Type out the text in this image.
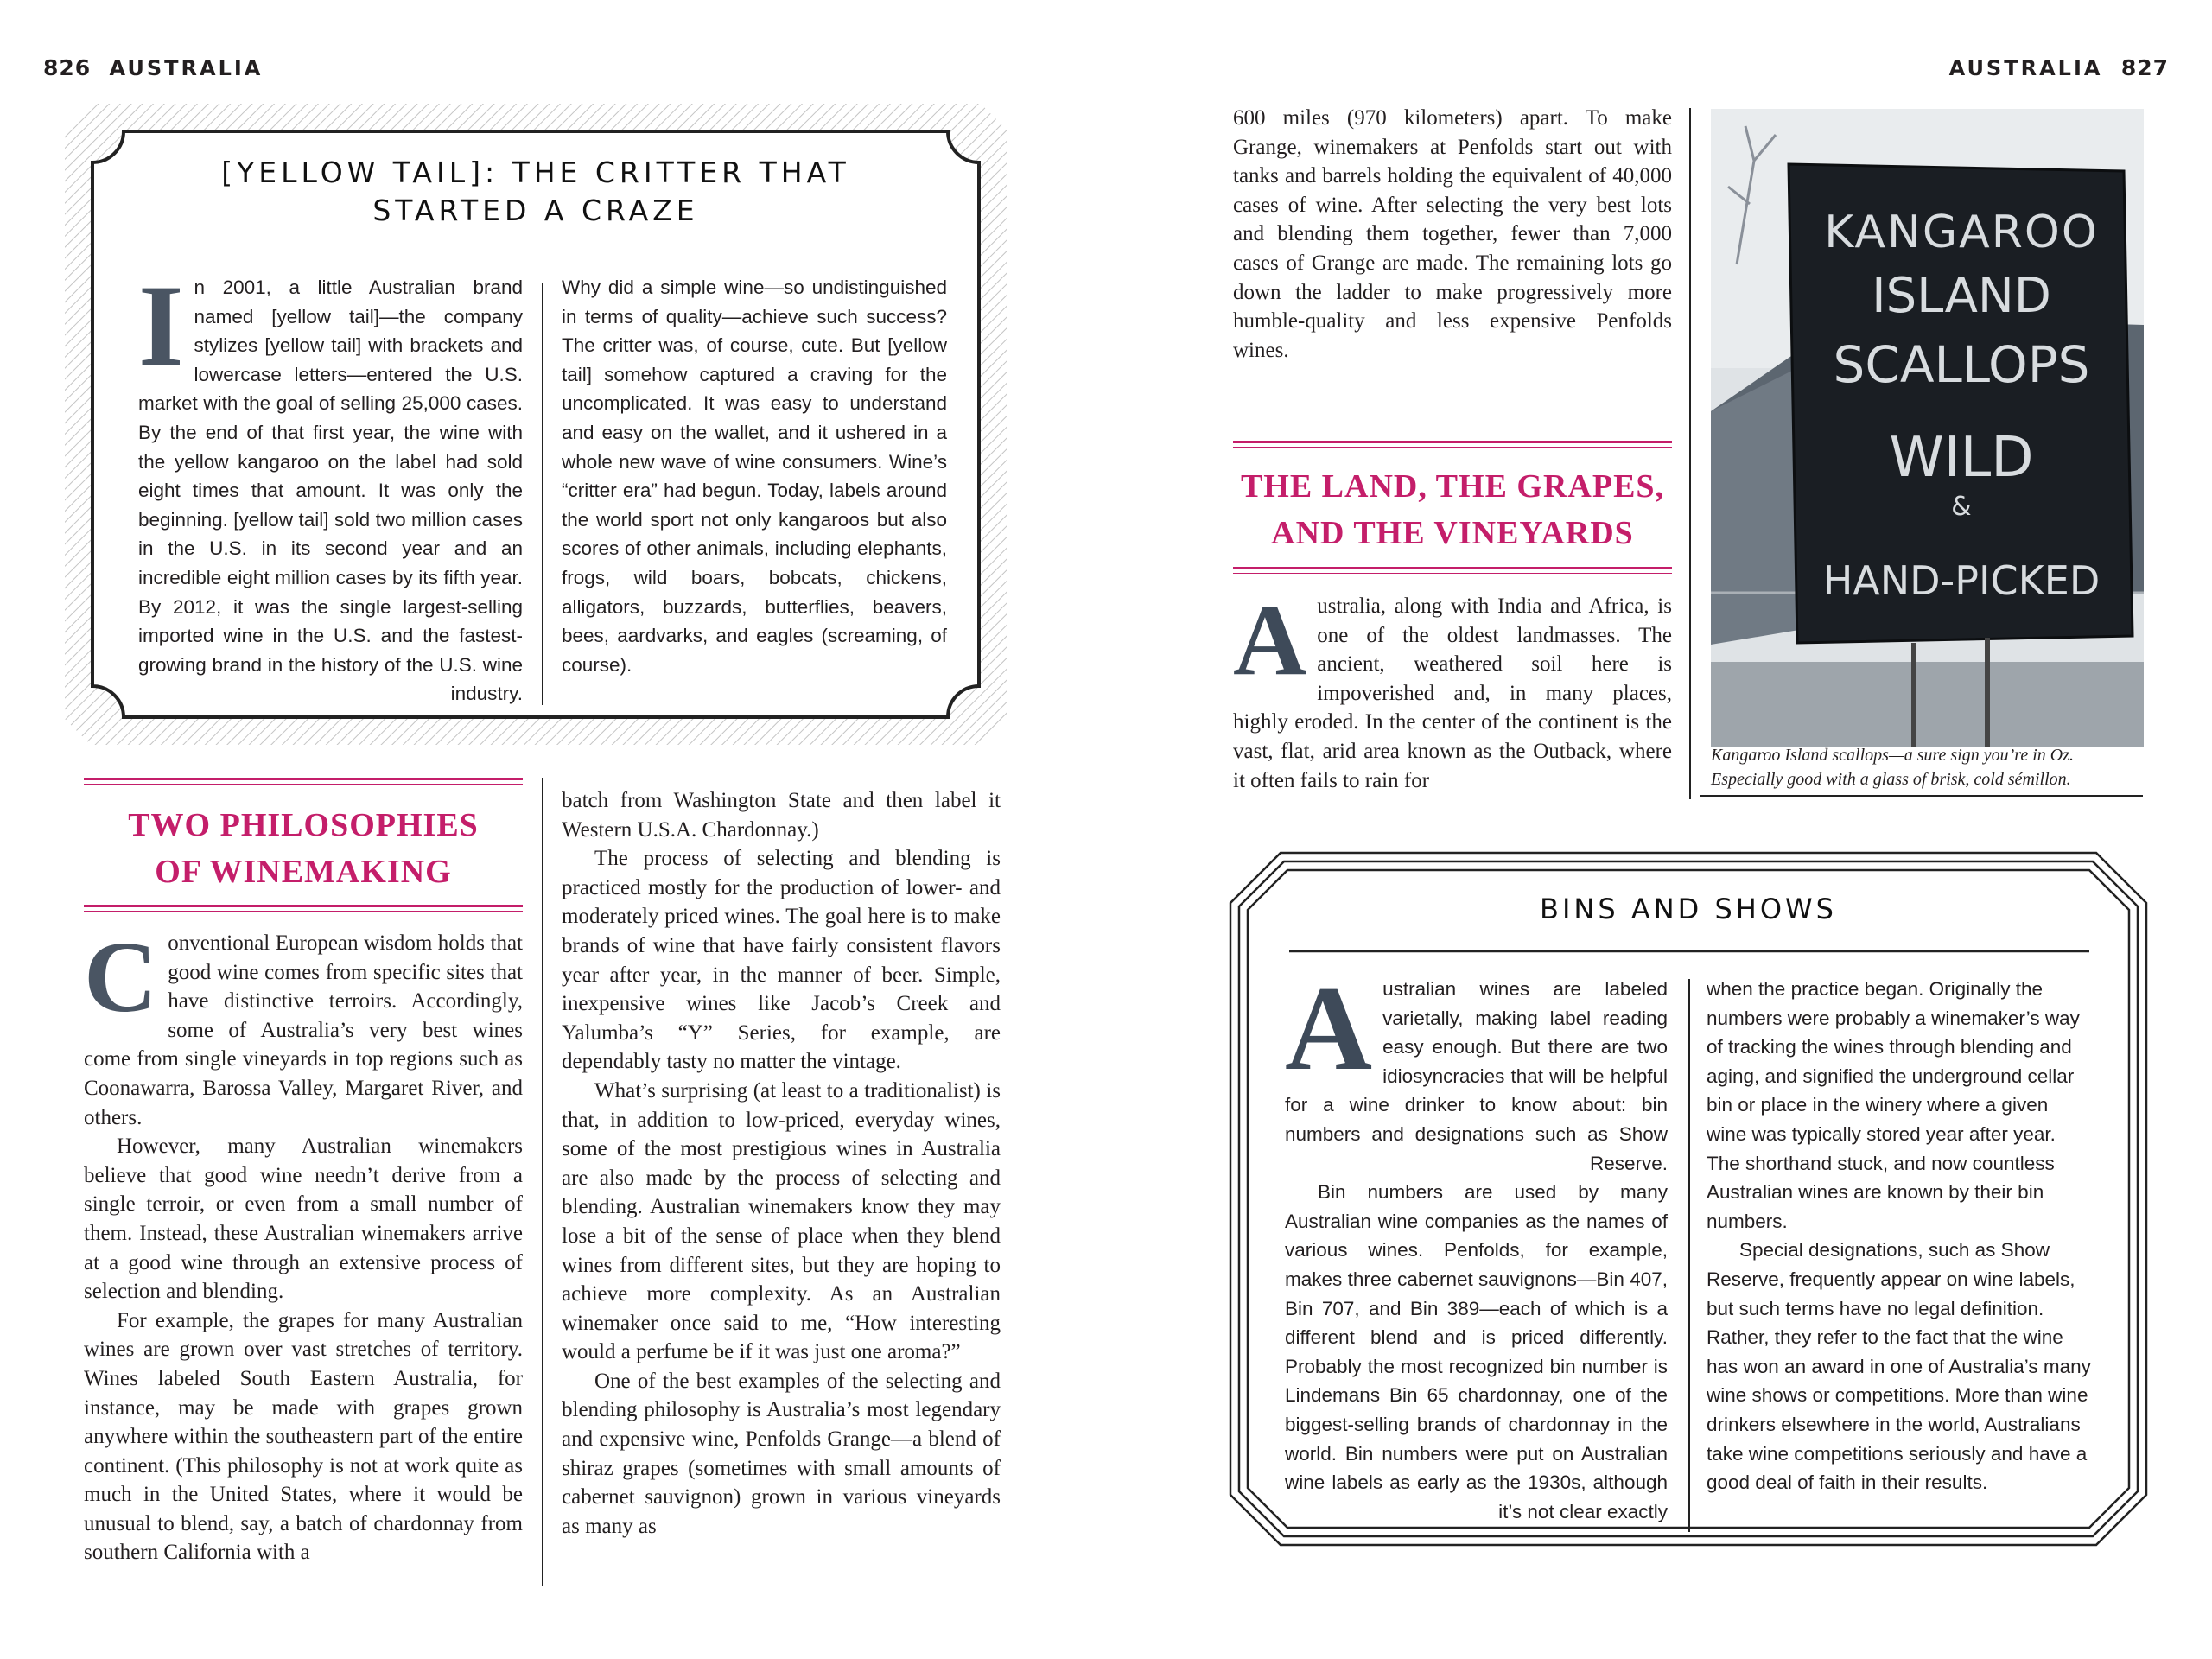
826 AUSTRALIA	AUSTRALIA 827
[YELLOW TAIL]: THE CRITTER THAT
STARTED A CRAZE
I n 2001, a little Australian brand named [yellow tail]—the company stylizes [yellow tail] with brackets and lowercase letters—entered the U.S. market with the goal of selling 25,000 cases. By the end of that first year, the wine with the yellow kangaroo on the label had sold eight times that amount. It was only the beginning. [yellow tail] sold two million cases in the U.S. in its second year and an incredible eight million cases by its fifth year. By 2012, it was the single largest-selling imported wine in the U.S. and the fastest-growing brand in the history of the U.S. wine industry.

Why did a simple wine—so undistinguished in terms of quality—achieve such success? The critter was, of course, cute. But [yellow tail] somehow captured a craving for the uncomplicated. It was easy to understand and easy on the wallet, and it ushered in a whole new wave of wine consumers. Wine’s “critter era” had begun. Today, labels around the world sport not only kangaroos but also scores of other animals, including elephants, frogs, wild boars, bobcats, chickens, alligators, buzzards, butterflies, beavers, bees, aardvarks, and eagles (screaming, of course).

TWO PHILOSOPHIES
OF WINEMAKING
C onventional European wisdom holds that good wine comes from specific sites that have distinctive terroirs. Accordingly, some of Australia’s very best wines come from single vineyards in top regions such as Coonawarra, Barossa Valley, Margaret River, and others.

However, many Australian winemakers believe that good wine needn’t derive from a single terroir, or even from a small number of them. Instead, these Australian winemakers arrive at a good wine through an extensive process of selection and blending.

For example, the grapes for many Australian wines are grown over vast stretches of territory. Wines labeled South Eastern Australia, for instance, may be made with grapes grown anywhere within the southeastern part of the entire continent. (This philosophy is not at work quite as much in the United States, where it would be unusual to blend, say, a batch of chardonnay from southern California with a

batch from Washington State and then label it Western U.S.A. Chardonnay.)

The process of selecting and blending is practiced mostly for the production of lower- and moderately priced wines. The goal here is to make brands of wine that have fairly consistent flavors year after year, in the manner of beer. Simple, inexpensive wines like Jacob’s Creek and Yalumba’s “Y” Series, for example, are dependably tasty no matter the vintage.

What’s surprising (at least to a traditionalist) is that, in addition to low-priced, everyday wines, some of the most prestigious wines in Australia are also made by the process of selecting and blending. Australian winemakers know they may lose a bit of the sense of place when they blend wines from different sites, but they are hoping to achieve more complexity. As an Australian winemaker once said to me, “How interesting would a perfume be if it was just one aroma?”

One of the best examples of the selecting and blending philosophy is Australia’s most legendary and expensive wine, Penfolds Grange—a blend of shiraz grapes (sometimes with small amounts of cabernet sauvignon) grown in various vineyards as many as

600 miles (970 kilometers) apart. To make Grange, winemakers at Penfolds start out with tanks and barrels holding the equivalent of 40,000 cases of wine. After selecting the very best lots and blending them together, fewer than 7,000 cases of Grange are made. The remaining lots go down the ladder to make progressively more humble-quality and less expensive Penfolds wines.

THE LAND, THE GRAPES,
AND THE VINEYARDS
A ustralia, along with India and Africa, is one of the oldest landmasses. The ancient, weathered soil here is impoverished and, in many places, highly eroded. In the center of the continent is the vast, flat, arid area known as the Outback, where it often fails to rain for

KANGAROO
ISLAND
SCALLOPS
WILD
&
HAND-PICKED
Kangaroo Island scallops—a sure sign you’re in Oz.
Especially good with a glass of brisk, cold sémillon.
BINS AND SHOWS
A ustralian wines are labeled varietally, making label reading easy enough. But there are two idiosyncracies that will be helpful for a wine drinker to know about: bin numbers and designations such as Show Reserve.

Bin numbers are used by many Australian wine companies as the names of various wines. Penfolds, for example, makes three cabernet sauvignons—Bin 407, Bin 707, and Bin 389—each of which is a different blend and is priced differently. Probably the most recognized bin number is Lindemans Bin 65 chardonnay, one of the biggest-selling brands of chardonnay in the world. Bin numbers were put on Australian wine labels as early as the 1930s, although it’s not clear exactly

when the practice began. Originally the numbers were probably a winemaker’s way of tracking the wines through blending and aging, and signified the underground cellar bin or place in the winery where a given wine was typically stored year after year. The shorthand stuck, and now countless Australian wines are known by their bin numbers.

Special designations, such as Show Reserve, frequently appear on wine labels, but such terms have no legal definition. Rather, they refer to the fact that the wine has won an award in one of Australia’s many wine shows or competitions. More than wine drinkers elsewhere in the world, Australians take wine competitions seriously and have a good deal of faith in their results.
